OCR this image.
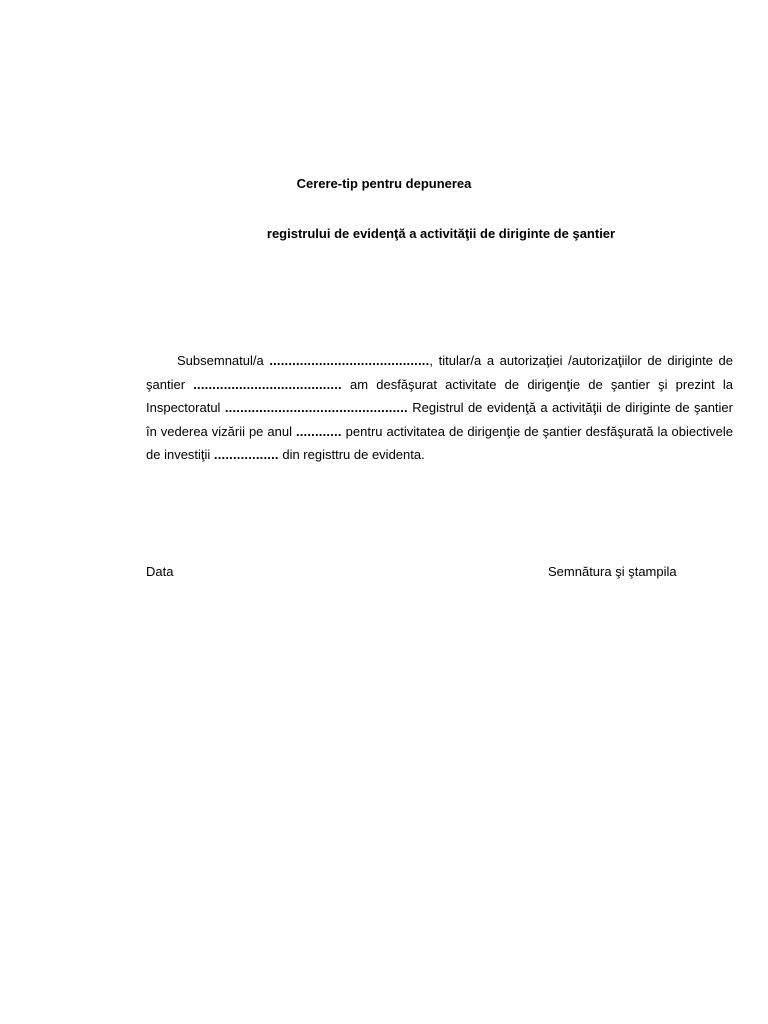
Cerere-tip pentru depunerea
registrului de evidenţă a activităţii de diriginte de şantier

Subsemnatul/a .........................................., titular/a a autorizaţiei /autorizaţiilor de diriginte de şantier ....................................... am desfăşurat activitate de dirigenţie de şantier şi prezint la Inspectoratul ................................................ Registrul de evidenţă a activităţii de diriginte de şantier în vederea vizării pe anul ............ pentru activitatea de dirigenţie de şantier desfăşurată la obiectivele de investiţii ................. din registtru de evidenta.

Data	Semnătura şi ştampila
